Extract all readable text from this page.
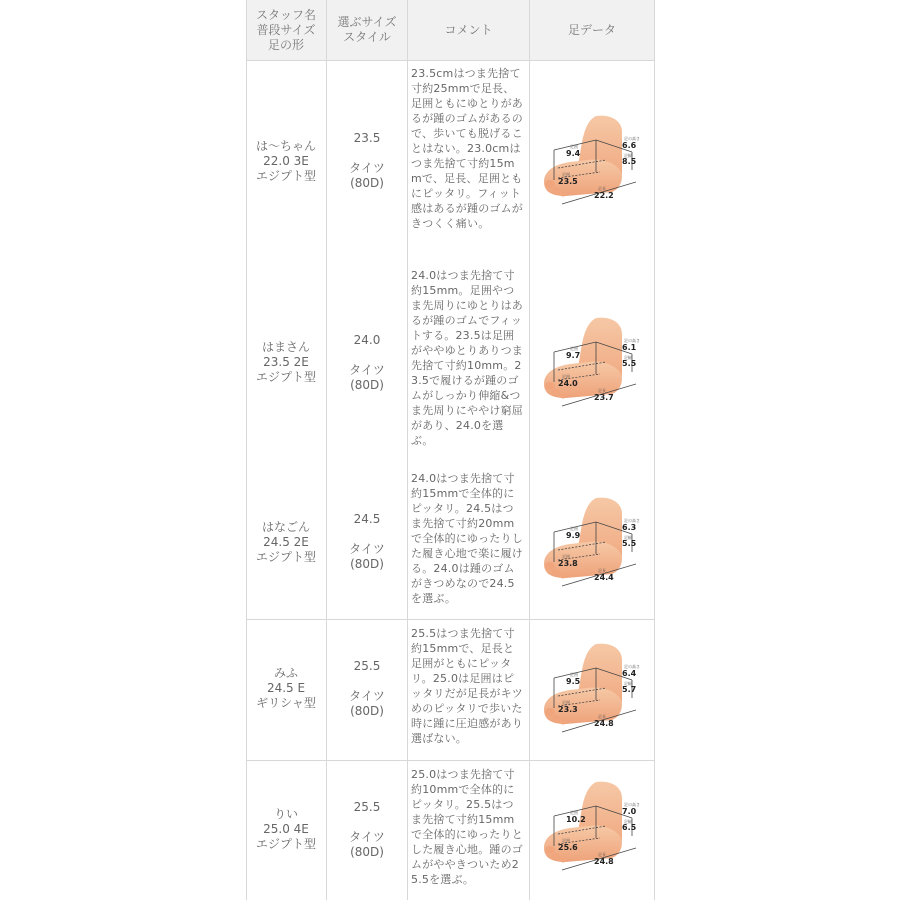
スタッフ名
普段サイズ
足の形
選ぶサイズ
スタイル
コメント	足データ
は〜ちゃん
22.0 3E
エジプト型
23.5
タイツ
(80D)
23.5cmはつま先捨て寸約25mmで足長、足囲ともにゆとりがあるが踵のゴムがあるので、歩いても脱げることはない。23.0cmはつま先捨て寸約15mmで、足長、足囲ともにピッタリ。フィット感はあるが踵のゴムがきつくく痛い。
足囲
9.4
足の高さ
6.6
足幅
8.5
足囲
23.5
足長
22.2
はまさん
23.5 2E
エジプト型
24.0
タイツ
(80D)
24.0はつま先捨て寸約15mm。足囲やつま先周りにゆとりはあるが踵のゴムでフィットする。23.5は足囲がややゆとりありつま先捨て寸約10mm。23.5で履けるが踵のゴムがしっかり伸縮&つま先周りにややけ窮屈があり、24.0を選ぶ。
足囲
9.7
足の高さ
6.1
足幅
5.5
足囲
24.0
足長
23.7
はなごん
24.5 2E
エジプト型
24.5
タイツ
(80D)
24.0はつま先捨て寸約15mmで全体的にピッタリ。24.5はつま先捨て寸約20mmで全体的にゆったりした履き心地で楽に履ける。24.0は踵のゴムがきつめなので24.5を選ぶ。
足囲
9.9
足の高さ
6.3
足幅
5.5
足囲
23.8
足長
24.4
みふ
24.5 E
ギリシャ型
25.5
タイツ
(80D)
25.5はつま先捨て寸約15mmで、足長と足囲がともにピッタリ。25.0は足囲はピッタリだが足長がキツめのピッタリで歩いた時に踵に圧迫感があり選ばない。
足囲
9.5
足の高さ
6.4
足幅
5.7
足囲
23.3
足長
24.8
りい
25.0 4E
エジプト型
25.5
タイツ
(80D)
25.0はつま先捨て寸約10mmで全体的にピッタリ。25.5はつま先捨て寸約15mmで全体的にゆったりとした履き心地。踵のゴムがややきついため25.5を選ぶ。
足囲
10.2
足の高さ
7.0
足幅
6.5
足囲
25.6
足長
24.8
